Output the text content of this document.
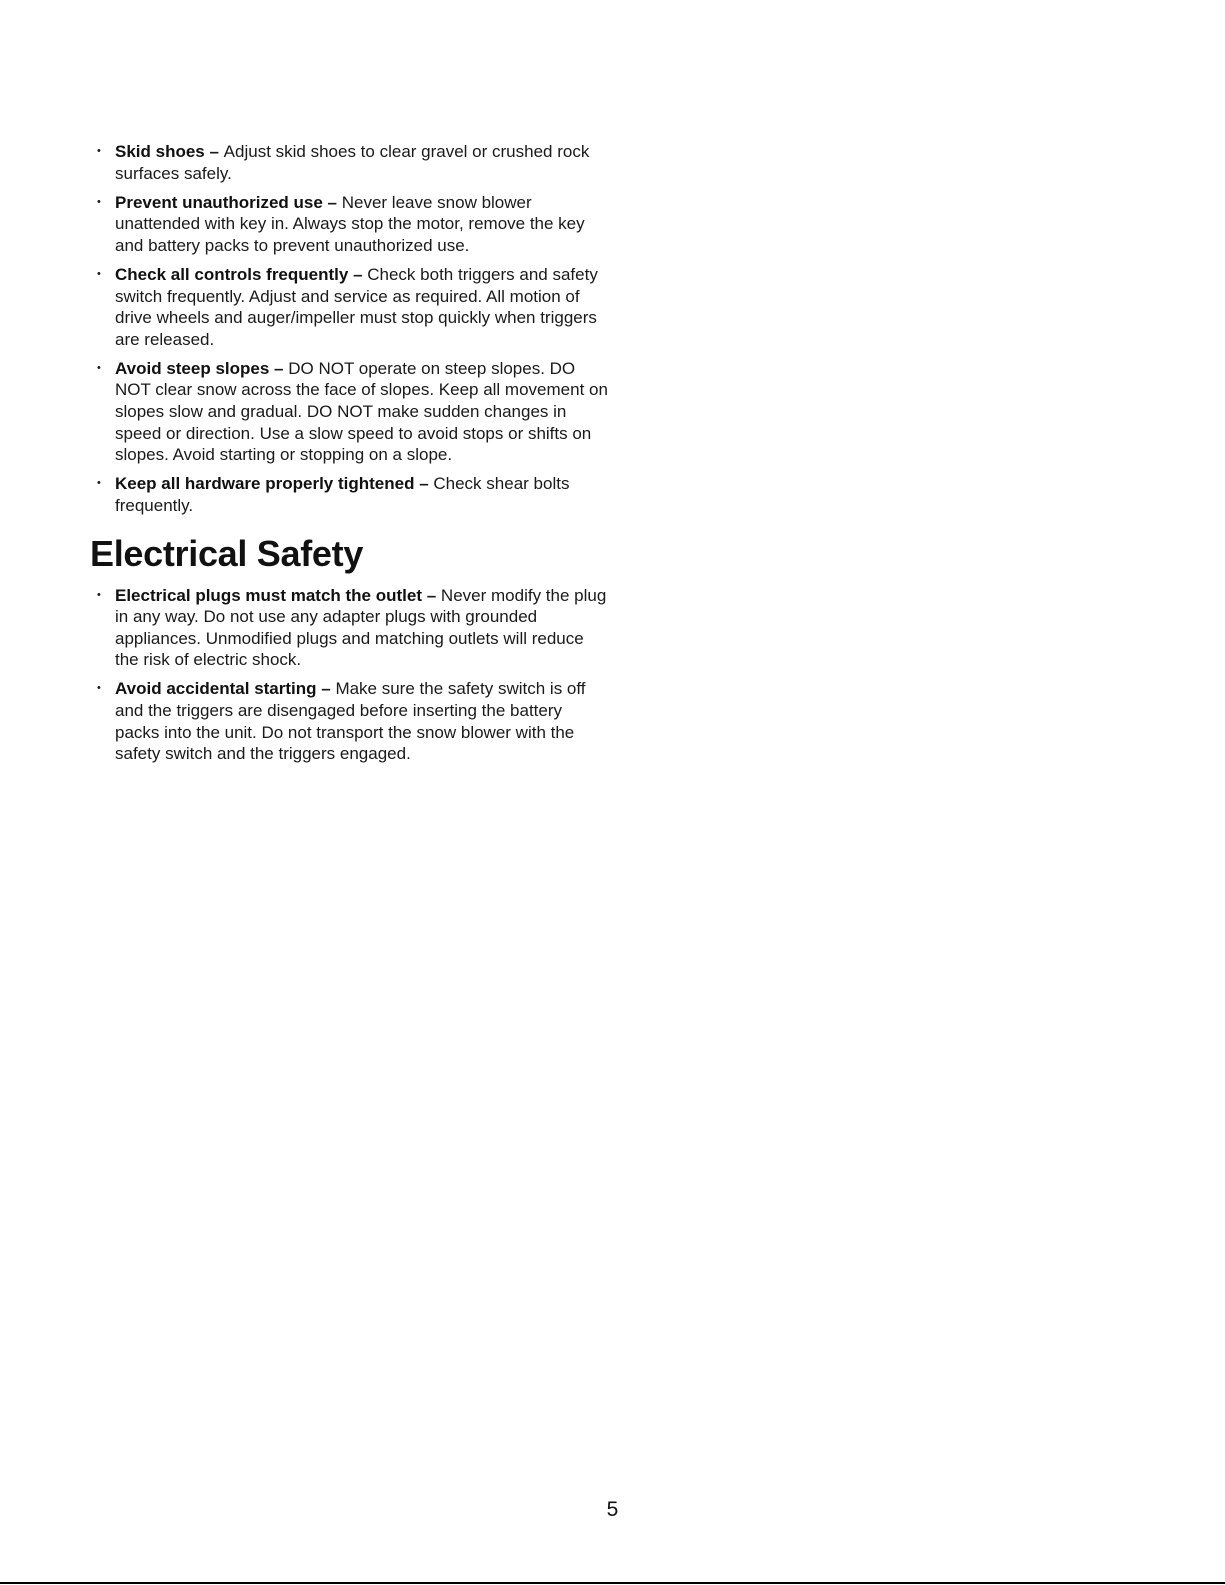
• Skid shoes – Adjust skid shoes to clear gravel or crushed rock surfaces safely.
• Prevent unauthorized use – Never leave snow blower unattended with key in. Always stop the motor, remove the key and battery packs to prevent unauthorized use.
• Check all controls frequently – Check both triggers and safety switch frequently. Adjust and service as required. All motion of drive wheels and auger/impeller must stop quickly when triggers are released.
• Avoid steep slopes – DO NOT operate on steep slopes. DO NOT clear snow across the face of slopes. Keep all movement on slopes slow and gradual. DO NOT make sudden changes in speed or direction. Use a slow speed to avoid stops or shifts on slopes. Avoid starting or stopping on a slope.
• Keep all hardware properly tightened – Check shear bolts frequently.
Electrical Safety
• Electrical plugs must match the outlet – Never modify the plug in any way. Do not use any adapter plugs with grounded appliances. Unmodified plugs and matching outlets will reduce the risk of electric shock.
• Avoid accidental starting – Make sure the safety switch is off and the triggers are disengaged before inserting the battery packs into the unit. Do not transport the snow blower with the safety switch and the triggers engaged.
5
